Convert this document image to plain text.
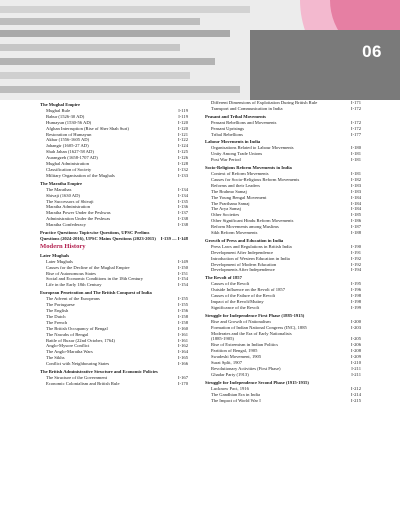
06
The Mughal Empire
Mughal Rule	I-119
Babur (1526-30 AD)	I-119
Humayun (1530-56 AD)	I-120
Afghan Interruption (Rise of Sher Shah Suri)	I-120
Restoration of Humayun	I-121
Akbar (1556-1605 AD)	I-122
Jahangir (1605-27 AD)	I-124
Shah Jahan (1627-58 AD)	I-125
Aurangzeb (1658-1707 AD)	I-126
Mughal Administration	I-128
Classification of Society	I-132
Military Organisation of the Mughals	I-133
The Maratha Empire
The Marathas	I-134
Shivaji (1630 AD)	I-134
The Successors of Shivaji	I-135
Maratha Administration	I-136
Maratha Power Under the Peshwas	I-137
Administration Under the Peshwas	I-138
Maratha Confederacy	I-138
Practice Questions: Topicwise Questions, UPSC Prelims Questions (2024-2016), UPSC Mains Questions (2023-2015)	I-139 — I-148
Modern History
Later Mughals
Later Mughals	I-149
Causes for the Decline of the Mughal Empire	I-150
Rise of Autonomous States	I-151
Social and Economic Conditions in the 18th Century	I-154
Life in the Early 18th Century	I-154
European Penetration and The British Conquest of India
The Advent of the Europeans	I-155
The Portuguese	I-155
The English	I-156
The Dutch	I-158
The French	I-158
The British Occupancy of Bengal	I-160
The Nawabs of Bengal	I-161
Battle of Buxar (22nd October, 1764)	I-161
Anglo-Mysore Conflict	I-162
The Anglo-Maratha Wars	I-164
The Sikhs	I-165
Conflict with Neighbouring States	I-166
The British Administrative Structure and Economic Policies
The Structure of the Government	I-167
Economic Colonialism and British Rule	I-170
Different Dimensions of Exploitation During British Rule	I-171
Transport and Communication in India	I-172
Peasant and Tribal Movements
Peasant Rebellions and Movements	I-172
Peasant Uprisings	I-172
Tribal Rebellions	I-177
Labour Movements in India
Organisations Related to Labour Movements	I-180
Unity Among Trade Unions	I-181
Post War Period	I-181
Socio-Religious Reform Movements in India
Context of Reform Movements	I-181
Causes for Socio-Religious Reform Movements	I-182
Reforms and their Leaders	I-183
The Brahmo Samaj	I-183
The Young Bengal Movement	I-184
The Prarthana Samaj	I-184
The Arya Samaj	I-184
Other Societies	I-185
Other Significant Hindu Reform Movements	I-186
Reform Movements among Muslims	I-187
Sikh Reform Movements	I-188
Growth of Press and Education in India
Press Laws and Regulations in British India	I-190
Development After Independence	I-191
Introduction of Western Education in India	I-192
Development of Modern Education	I-192
Developments After Independence	I-194
The Revolt of 1857
Causes of the Revolt	I-195
Outside Influence on the Revolt of 1857	I-196
Causes of the Failure of the Revolt	I-198
Impact of the Revolt/Mutiny	I-198
Significance of the Revolt	I-199
Struggle for Independence First Phase (1885-1915)
Rise and Growth of Nationalism	I-200
Formation of Indian National Congress (INC), 1885	I-203
Moderates and the Era of Early Nationalists
(1885-1905)	I-205
Rise of Extremism in Indian Politics	I-206
Partition of Bengal, 1905	I-208
Swadeshi Movement, 1905	I-209
Surat Split, 1907	I-210
Revolutionary Activities (First Phase)	I-211
Ghadar Party (1913)	I-211
Struggle for Independence Second Phase (1915-1935)
Lucknow Pact, 1916	I-212
The Gandhian Era in India	I-214
The Impact of World War I	I-215
